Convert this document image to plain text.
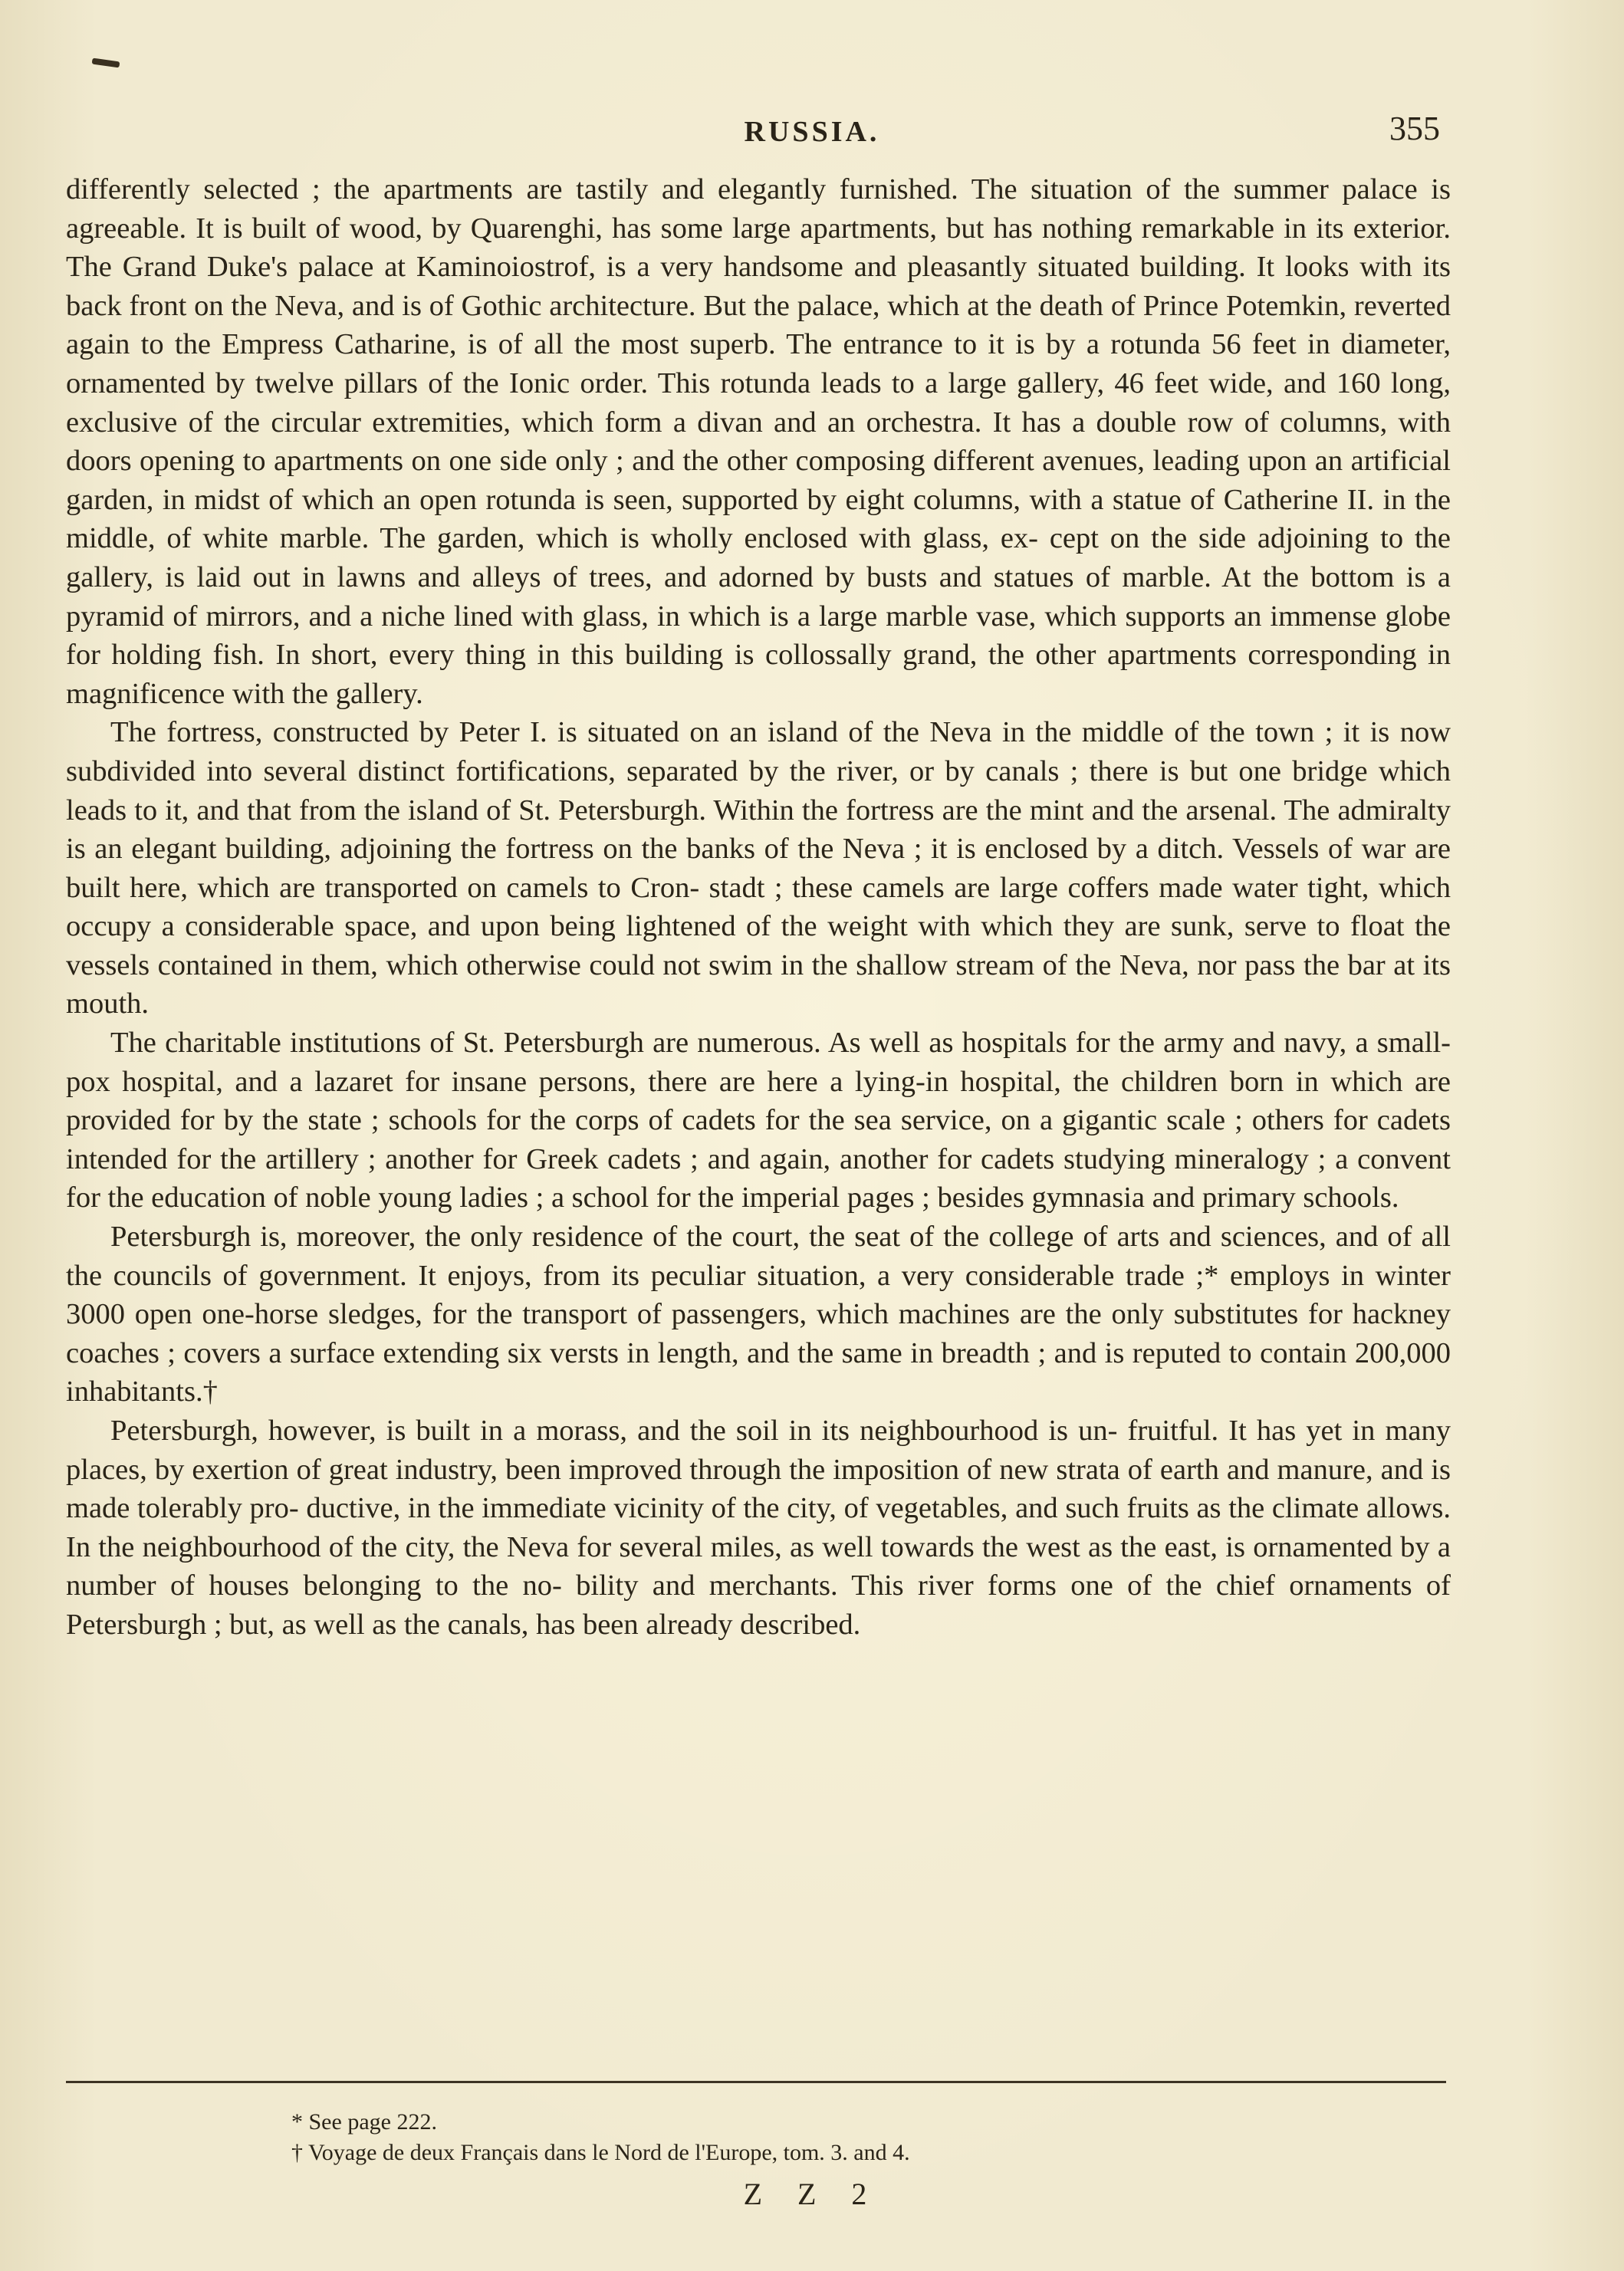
RUSSIA.	355

differently selected ; the apartments are tastily and elegantly furnished. The situation of the summer palace is agreeable. It is built of wood, by Quarenghi, has some large apartments, but has nothing remarkable in its exterior. The Grand Duke's palace at Kaminoiostrof, is a very handsome and pleasantly situated building. It looks with its back front on the Neva, and is of Gothic architecture. But the palace, which at the death of Prince Potemkin, reverted again to the Empress Catharine, is of all the most superb. The entrance to it is by a rotunda 56 feet in diameter, ornamented by twelve pillars of the Ionic order. This rotunda leads to a large gallery, 46 feet wide, and 160 long, exclusive of the circular extremities, which form a divan and an orchestra. It has a double row of columns, with doors opening to apartments on one side only ; and the other composing different avenues, leading upon an artificial garden, in midst of which an open rotunda is seen, supported by eight columns, with a statue of Catherine II. in the middle, of white marble. The garden, which is wholly enclosed with glass, ex- cept on the side adjoining to the gallery, is laid out in lawns and alleys of trees, and adorned by busts and statues of marble. At the bottom is a pyramid of mirrors, and a niche lined with glass, in which is a large marble vase, which supports an immense globe for holding fish. In short, every thing in this building is collossally grand, the other apartments corresponding in magnificence with the gallery.

The fortress, constructed by Peter I. is situated on an island of the Neva in the middle of the town ; it is now subdivided into several distinct fortifications, separated by the river, or by canals ; there is but one bridge which leads to it, and that from the island of St. Petersburgh. Within the fortress are the mint and the arsenal. The admiralty is an elegant building, adjoining the fortress on the banks of the Neva ; it is enclosed by a ditch. Vessels of war are built here, which are transported on camels to Cron- stadt ; these camels are large coffers made water tight, which occupy a considerable space, and upon being lightened of the weight with which they are sunk, serve to float the vessels contained in them, which otherwise could not swim in the shallow stream of the Neva, nor pass the bar at its mouth.

The charitable institutions of St. Petersburgh are numerous. As well as hospitals for the army and navy, a small-pox hospital, and a lazaret for insane persons, there are here a lying-in hospital, the children born in which are provided for by the state ; schools for the corps of cadets for the sea service, on a gigantic scale ; others for cadets intended for the artillery ; another for Greek cadets ; and again, another for cadets studying mineralogy ; a convent for the education of noble young ladies ; a school for the imperial pages ; besides gymnasia and primary schools.

Petersburgh is, moreover, the only residence of the court, the seat of the college of arts and sciences, and of all the councils of government. It enjoys, from its peculiar situation, a very considerable trade ;* employs in winter 3000 open one-horse sledges, for the transport of passengers, which machines are the only substitutes for hackney coaches ; covers a surface extending six versts in length, and the same in breadth ; and is reputed to contain 200,000 inhabitants.†

Petersburgh, however, is built in a morass, and the soil in its neighbourhood is un- fruitful. It has yet in many places, by exertion of great industry, been improved through the imposition of new strata of earth and manure, and is made tolerably pro- ductive, in the immediate vicinity of the city, of vegetables, and such fruits as the climate allows. In the neighbourhood of the city, the Neva for several miles, as well towards the west as the east, is ornamented by a number of houses belonging to the no- bility and merchants. This river forms one of the chief ornaments of Petersburgh ; but, as well as the canals, has been already described.

* See page 222.
† Voyage de deux Français dans le Nord de l'Europe, tom. 3. and 4.
Z Z 2
